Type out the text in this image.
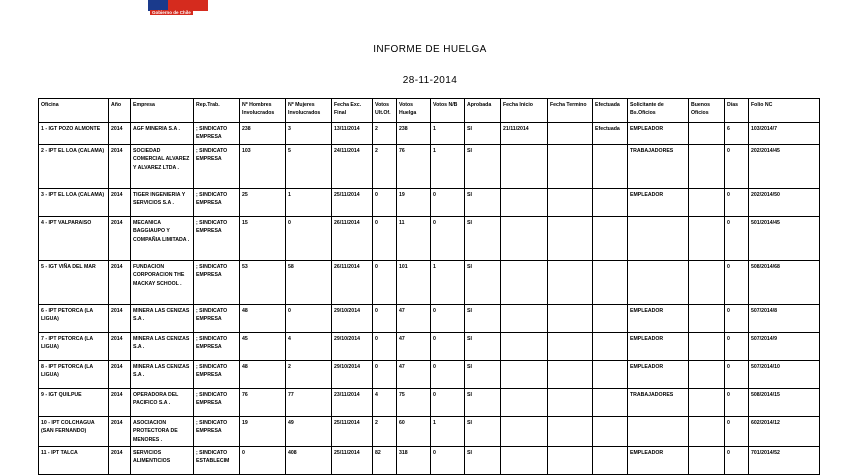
Gobierno de Chile
INFORME DE HUELGA
28-11-2014
Oficina	Año	Empresa	Rep.Trab.	Nº Hombres Involucrados	Nº Mujeres Involucrados	Fecha Exc. Final	Votos Ult.Of.	Votos Huelga	Votos N/B	Aprobada	Fecha Inicio	Fecha Termino	Efectuada	Solicitante de Bs.Oficios	Buenos Oficios	Días	Folio NC
1 - IGT POZO ALMONTE	2014	AGF MINERIA S.A .	; SINDICATO EMPRESA	238	3	13/11/2014	2	238	1	SI	21/11/2014		Efectuada	EMPLEADOR		6	103/2014/7
2 - IPT EL LOA (CALAMA)	2014	SOCIEDAD COMERCIAL ALVAREZ Y ALVAREZ LTDA .	; SINDICATO EMPRESA	103	5	24/11/2014	2	76	1	SI				TRABAJADORES		0	202/2014/45
3 - IPT EL LOA (CALAMA)	2014	TIGER INGENIERIA Y SERVICIOS S.A .	; SINDICATO EMPRESA	25	1	25/11/2014	0	19	0	SI				EMPLEADOR		0	202/2014/50
4 - IPT VALPARAISO	2014	MECANICA BAGGIAUPO Y COMPAÑIA LIMITADA .	; SINDICATO EMPRESA	15	0	26/11/2014	0	11	0	SI						0	501/2014/45
5 - IGT VIÑA DEL MAR	2014	FUNDACION CORPORACION THE MACKAY SCHOOL .	; SINDICATO EMPRESA	53	58	26/11/2014	0	101	1	SI						0	508/2014/68
6 - IPT PETORCA (LA LIGUA)	2014	MINERA LAS CENIZAS S.A .	; SINDICATO EMPRESA	48	0	29/10/2014	0	47	0	SI				EMPLEADOR		0	507/2014/8
7 - IPT PETORCA (LA LIGUA)	2014	MINERA LAS CENIZAS S.A .	; SINDICATO EMPRESA	45	4	29/10/2014	0	47	0	SI				EMPLEADOR		0	507/2014/9
8 - IPT PETORCA (LA LIGUA)	2014	MINERA LAS CENIZAS S.A .	; SINDICATO EMPRESA	48	2	29/10/2014	0	47	0	SI				EMPLEADOR		0	507/2014/10
9 - IGT QUILPUE	2014	OPERADORA DEL PACIFICO S.A .	; SINDICATO EMPRESA	76	77	23/11/2014	4	75	0	SI				TRABAJADORES		0	508/2014/15
10 - IPT COLCHAGUA (SAN FERNANDO)	2014	ASOCIACION PROTECTORA DE MENORES .	; SINDICATO EMPRESA	19	49	25/11/2014	2	60	1	SI						0	602/2014/12
11 - IPT TALCA	2014	SERVICIOS ALIMENTICIOS	; SINDICATO ESTABLECIM	0	408	25/11/2014	82	318	0	SI				EMPLEADOR		0	701/2014/52
